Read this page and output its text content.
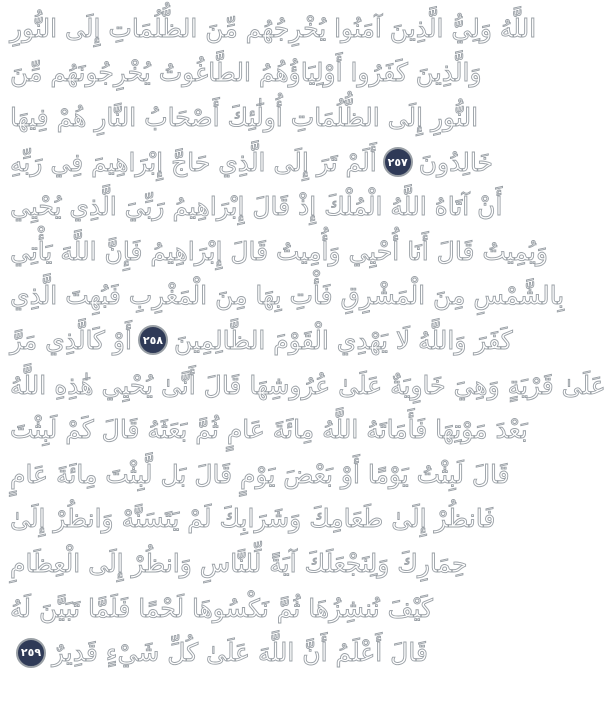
اللَّهُ وَلِيُّ الَّذِينَ آمَنُوا يُخْرِجُهُم مِّنَ الظُّلُمَاتِ إِلَى النُّورِ
وَالَّذِينَ كَفَرُوا أَوْلِيَاؤُهُمُ الطَّاغُوتُ يُخْرِجُونَهُم مِّنَ
النُّورِ إِلَى الظُّلُمَاتِ أُولَٰئِكَ أَصْحَابُ النَّارِ هُمْ فِيهَا
خَالِدُونَ
٢٥٧
أَلَمْ تَرَ إِلَى الَّذِي حَاجَّ إِبْرَاهِيمَ فِي رَبِّهِ
أَنْ آتَاهُ اللَّهُ الْمُلْكَ إِذْ قَالَ إِبْرَاهِيمُ رَبِّيَ الَّذِي يُحْيِي
وَيُمِيتُ قَالَ أَنَا أُحْيِي وَأُمِيتُ قَالَ إِبْرَاهِيمُ فَإِنَّ اللَّهَ يَأْتِي
بِالشَّمْسِ مِنَ الْمَشْرِقِ فَأْتِ بِهَا مِنَ الْمَغْرِبِ فَبُهِتَ الَّذِي
كَفَرَ وَاللَّهُ لَا يَهْدِي الْقَوْمَ الظَّالِمِينَ
٢٥٨
أَوْ كَالَّذِي مَرَّ
عَلَىٰ قَرْيَةٍ وَهِيَ خَاوِيَةٌ عَلَىٰ عُرُوشِهَا قَالَ أَنَّىٰ يُحْيِي هَٰذِهِ اللَّهُ
بَعْدَ مَوْتِهَا فَأَمَاتَهُ اللَّهُ مِائَةَ عَامٍ ثُمَّ بَعَثَهُ قَالَ كَمْ لَبِثْتَ
قَالَ لَبِثْتُ يَوْمًا أَوْ بَعْضَ يَوْمٍ قَالَ بَل لَّبِثْتَ مِائَةَ عَامٍ
فَانظُرْ إِلَىٰ طَعَامِكَ وَشَرَابِكَ لَمْ يَتَسَنَّهْ وَانظُرْ إِلَىٰ
حِمَارِكَ وَلِنَجْعَلَكَ آيَةً لِّلنَّاسِ وَانظُرْ إِلَى الْعِظَامِ
كَيْفَ نُنشِزُهَا ثُمَّ نَكْسُوهَا لَحْمًا فَلَمَّا تَبَيَّنَ لَهُ
قَالَ أَعْلَمُ أَنَّ اللَّهَ عَلَىٰ كُلِّ شَيْءٍ قَدِيرٌ
٢٥٩
